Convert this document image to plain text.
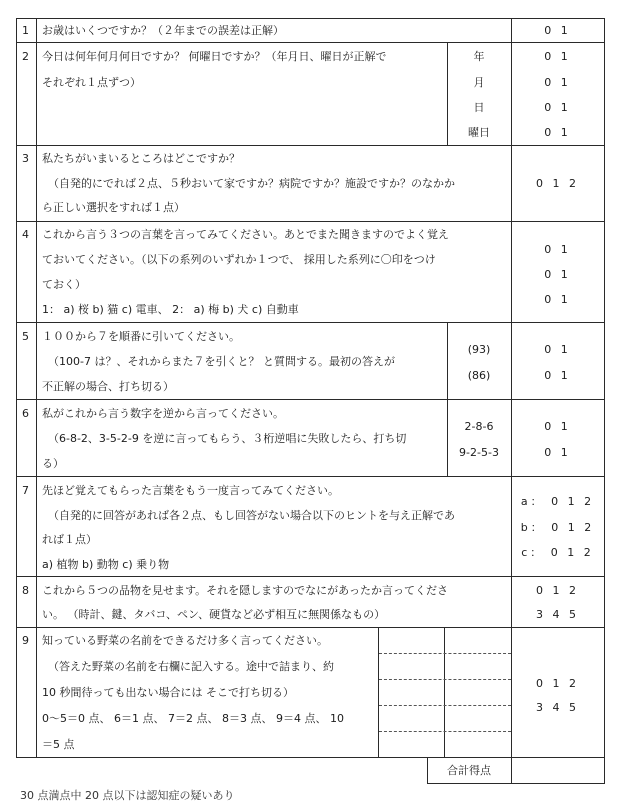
1 お歳はいくつですか？（２年までの誤差は正解）	0 1
2 今日は何年何月何日ですか？ 何曜日ですか？（年月日、曜日が正解で
それぞれ１点ずつ）
年
月
日
曜日
0 1
0 1
0 1
0 1
3 私たちがいまいるところはどこですか？
（自発的にでれば２点、５秒おいて家ですか？病院ですか？施設ですか？のなかか
ら正しい選択をすれば１点）
0 1 2
4 これから言う３つの言葉を言ってみてください。あとでまた聞きますのでよく覚え
ておいてください。（以下の系列のいずれか１つで、 採用した系列に〇印をつけ
ておく）
1： a) 桜 b) 猫 c) 電車、 2： a) 梅 b) 犬 c) 自動車
0 1
0 1
0 1
5 １００から７を順番に引いてください。
（100-7 は？、それからまた７を引くと？ と質問する。最初の答えが
不正解の場合、打ち切る）
(93)
(86)
0 1
0 1
6 私がこれから言う数字を逆から言ってください。
（6-8-2、3-5-2-9 を逆に言ってもらう、３桁逆唱に失敗したら、打ち切
る）
2-8-6
9-2-5-3
0 1
0 1
7 先ほど覚えてもらった言葉をもう一度言ってみてください。
（自発的に回答があれば各２点、もし回答がない場合以下のヒントを与え正解であ
れば１点）
a) 植物 b) 動物 c) 乗り物
a： 0 1 2
b： 0 1 2
c： 0 1 2
8 これから５つの品物を見せます。それを隠しますのでなにがあったか言ってくださ
い。 （時計、鍵、タバコ、ペン、硬貨など必ず相互に無関係なもの）
0 1 2
3 4 5
9 知っている野菜の名前をできるだけ多く言ってください。
（答えた野菜の名前を右欄に記入する。途中で詰まり、約
10 秒間待っても出ない場合には そこで打ち切る）
0〜5＝0 点、 6＝1 点、 7＝2 点、 8＝3 点、 9＝4 点、 10
＝5 点
0 1 2
3 4 5
合計得点
30 点満点中 20 点以下は認知症の疑いあり
